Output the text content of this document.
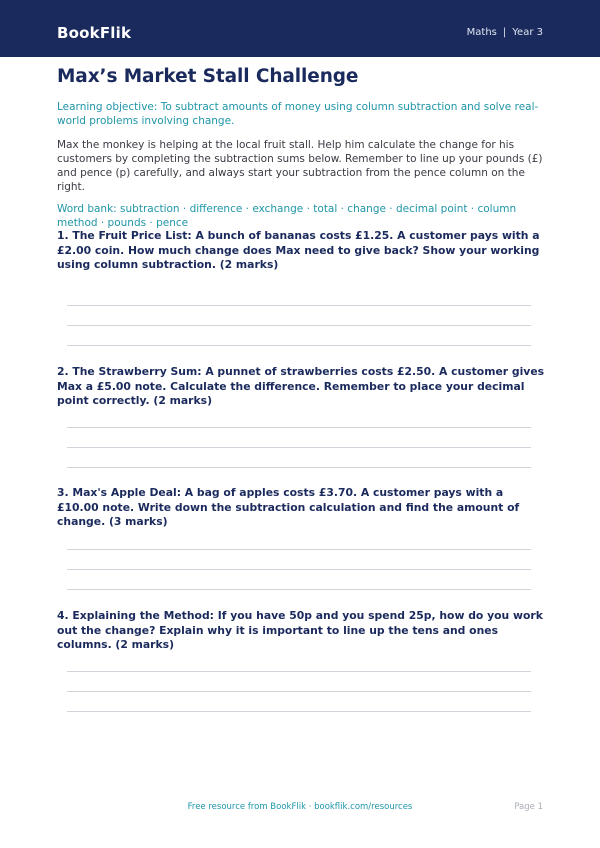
BookFlik	Maths | Year 3
Max’s Market Stall Challenge

Learning objective: To subtract amounts of money using column subtraction and solve real-world problems involving change.

Max the monkey is helping at the local fruit stall. Help him calculate the change for his customers by completing the subtraction sums below. Remember to line up your pounds (£) and pence (p) carefully, and always start your subtraction from the pence column on the right.

Word bank: subtraction · difference · exchange · total · change · decimal point · column method · pounds · pence

1. The Fruit Price List: A bunch of bananas costs £1.25. A customer pays with a £2.00 coin. How much change does Max need to give back? Show your working using column subtraction. (2 marks)
2. The Strawberry Sum: A punnet of strawberries costs £2.50. A customer gives Max a £5.00 note. Calculate the difference. Remember to place your decimal point correctly. (2 marks)
3. Max's Apple Deal: A bag of apples costs £3.70. A customer pays with a £10.00 note. Write down the subtraction calculation and find the amount of change. (3 marks)
4. Explaining the Method: If you have 50p and you spend 25p, how do you work out the change? Explain why it is important to line up the tens and ones columns. (2 marks)
Free resource from BookFlik · bookflik.com/resources	Page 1
